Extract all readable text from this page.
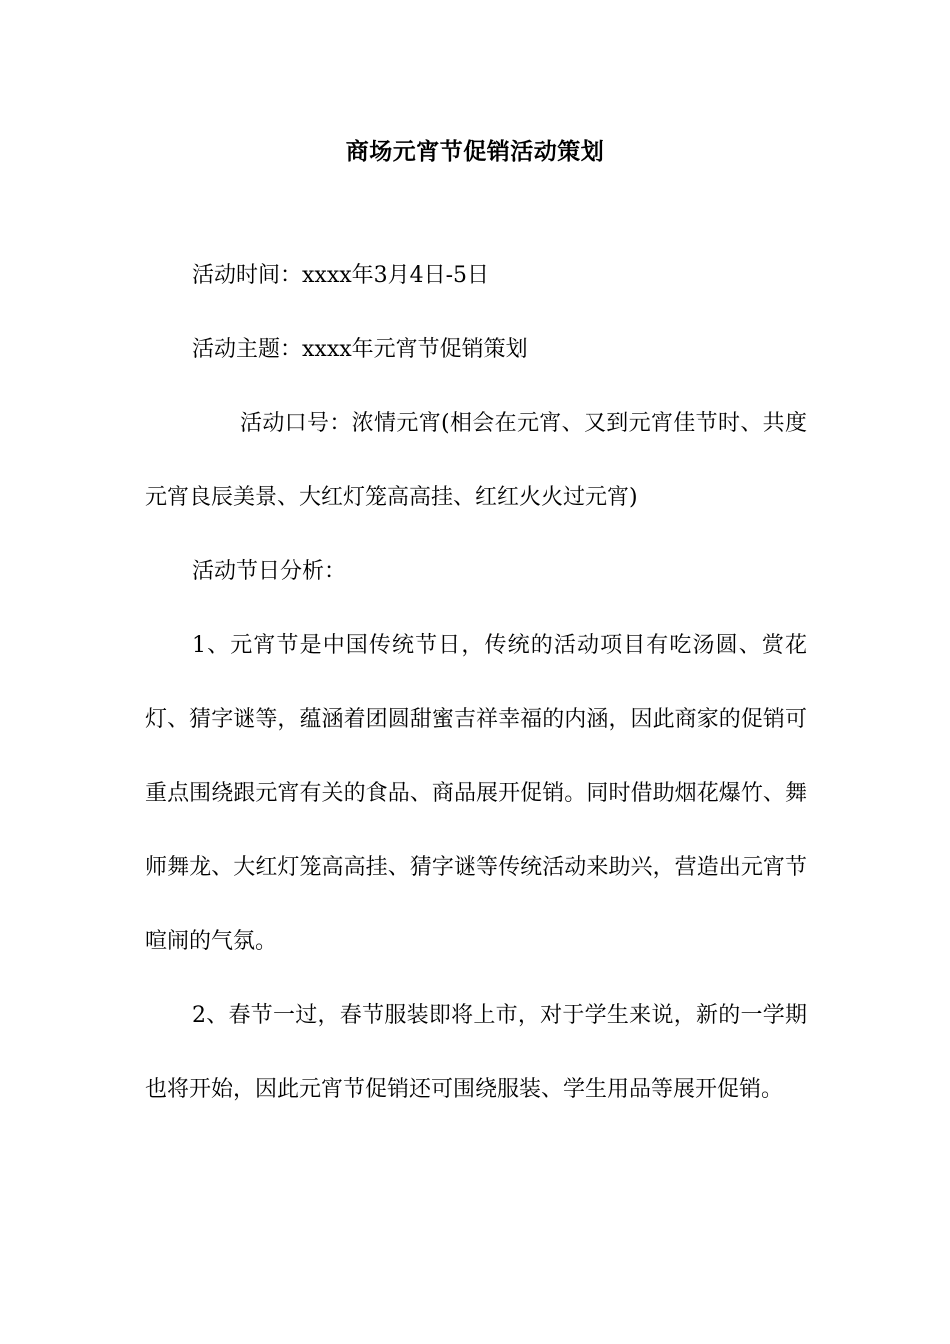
商场元宵节促销活动策划
活动时间：xxxx年3月4日-5日
活动主题：xxxx年元宵节促销策划
活动口号：浓情元宵(相会在元宵、又到元宵佳节时、共度元宵良辰美景、大红灯笼高高挂、红红火火过元宵)
活动节日分析：
1、元宵节是中国传统节日，传统的活动项目有吃汤圆、赏花灯、猜字谜等，蕴涵着团圆甜蜜吉祥幸福的内涵，因此商家的促销可重点围绕跟元宵有关的食品、商品展开促销。同时借助烟花爆竹、舞师舞龙、大红灯笼高高挂、猜字谜等传统活动来助兴，营造出元宵节喧闹的气氛。
2、春节一过，春节服装即将上市，对于学生来说，新的一学期也将开始，因此元宵节促销还可围绕服装、学生用品等展开促销。
